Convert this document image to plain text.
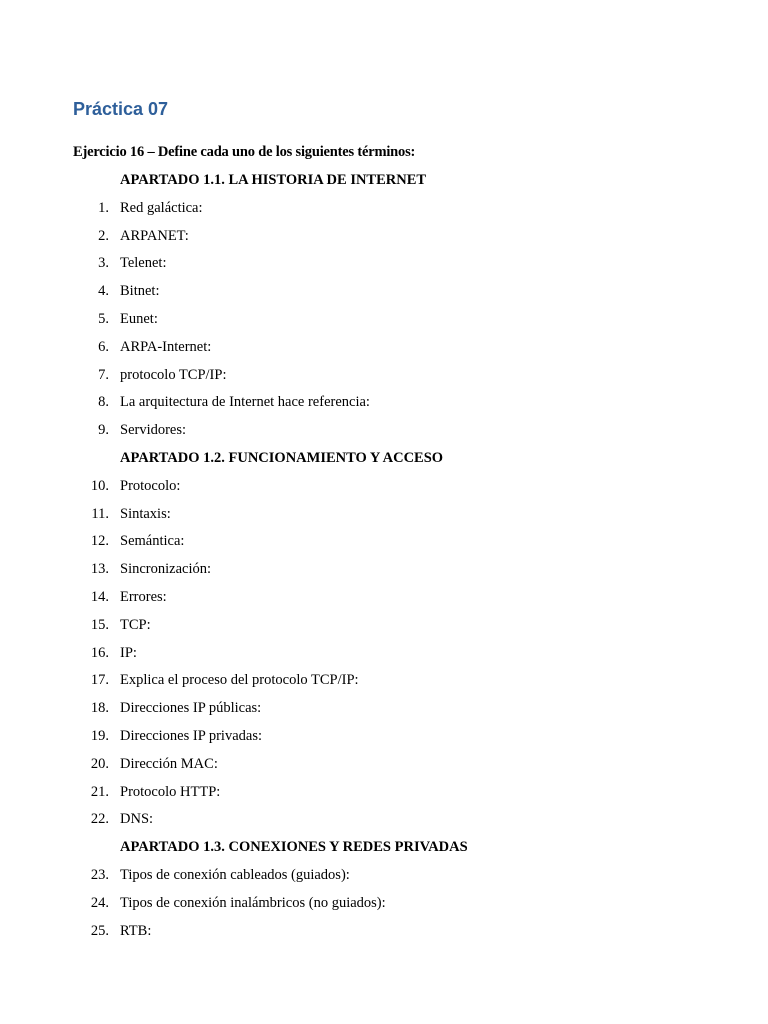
Práctica 07

Ejercicio 16 – Define cada uno de los siguientes términos:

APARTADO 1.1. LA HISTORIA DE INTERNET
1. Red galáctica:
2. ARPANET:
3. Telenet:
4. Bitnet:
5. Eunet:
6. ARPA-Internet:
7. protocolo TCP/IP:
8. La arquitectura de Internet hace referencia:
9. Servidores:
APARTADO 1.2. FUNCIONAMIENTO Y ACCESO
10. Protocolo:
11. Sintaxis:
12. Semántica:
13. Sincronización:
14. Errores:
15. TCP:
16. IP:
17. Explica el proceso del protocolo TCP/IP:
18. Direcciones IP públicas:
19. Direcciones IP privadas:
20. Dirección MAC:
21. Protocolo HTTP:
22. DNS:
APARTADO 1.3. CONEXIONES Y REDES PRIVADAS
23. Tipos de conexión cableados (guiados):
24. Tipos de conexión inalámbricos (no guiados):
25. RTB:
